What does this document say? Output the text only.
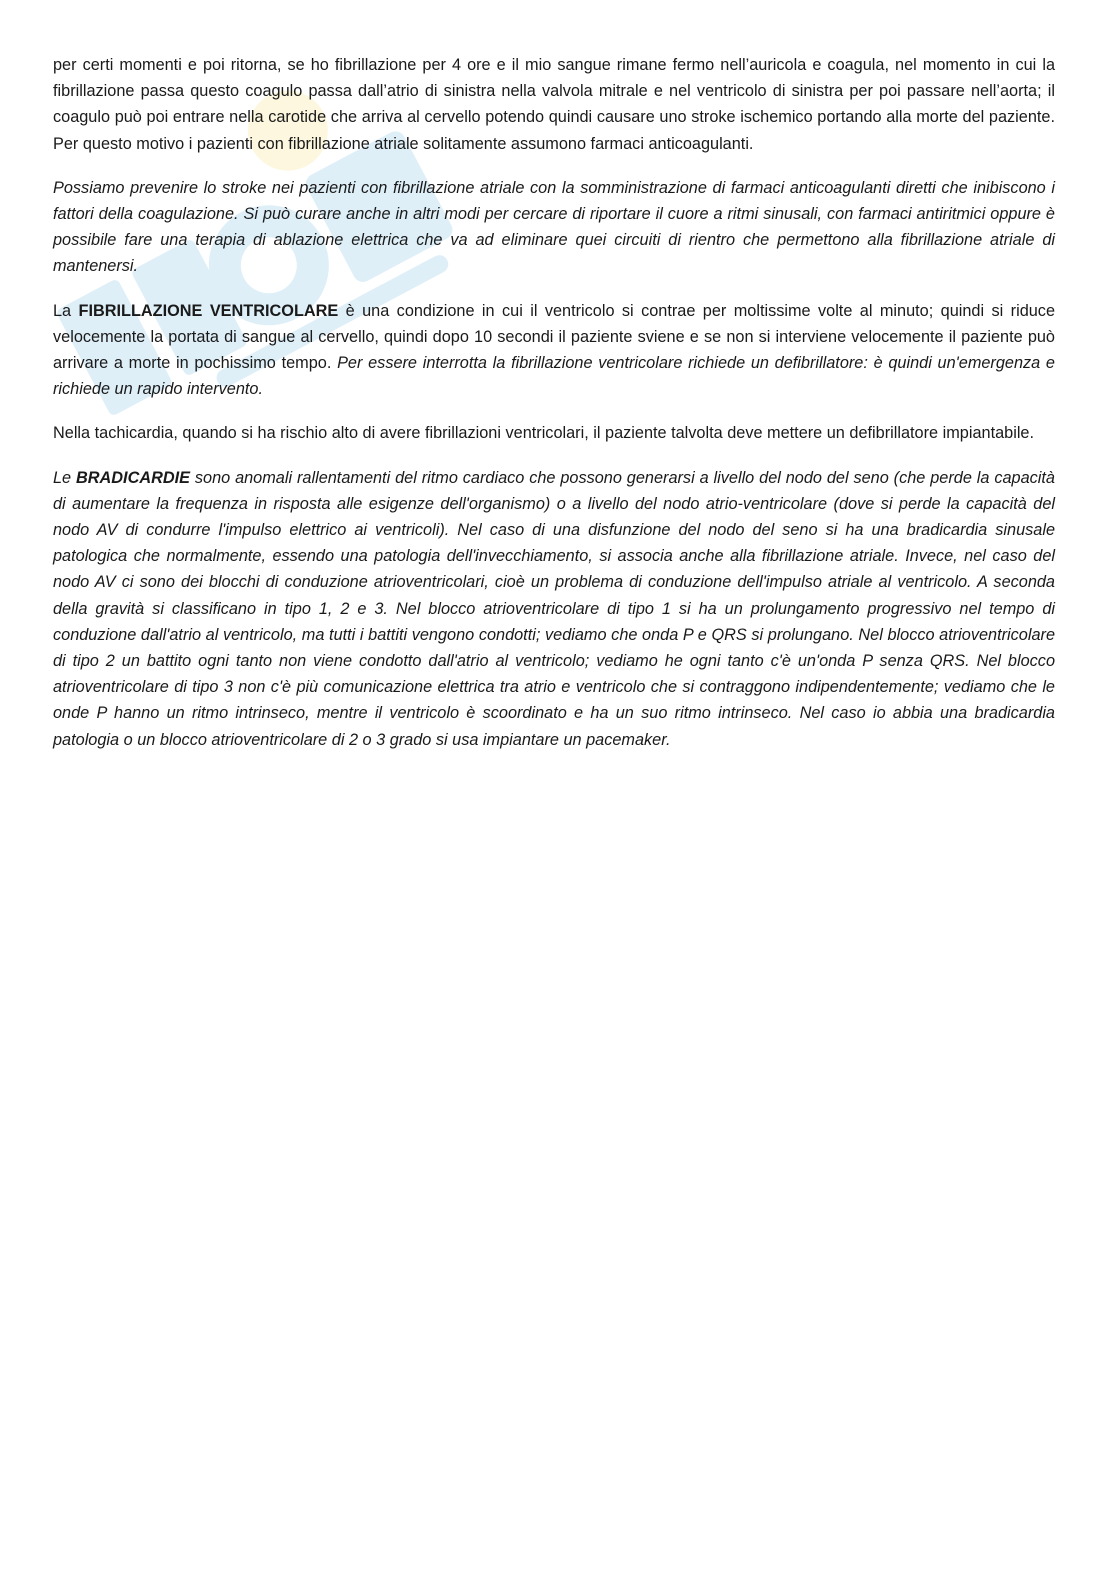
per certi momenti e poi ritorna, se ho fibrillazione per 4 ore e il mio sangue rimane fermo nell’auricola e coagula, nel momento in cui la fibrillazione passa questo coagulo passa dall’atrio di sinistra nella valvola mitrale e nel ventricolo di sinistra per poi passare nell’aorta; il coagulo può poi entrare nella carotide che arriva al cervello potendo quindi causare uno stroke ischemico portando alla morte del paziente. Per questo motivo i pazienti con fibrillazione atriale solitamente assumono farmaci anticoagulanti.

Possiamo prevenire lo stroke nei pazienti con fibrillazione atriale con la somministrazione di farmaci anticoagulanti diretti che inibiscono i fattori della coagulazione. Si può curare anche in altri modi per cercare di riportare il cuore a ritmi sinusali, con farmaci antiritmici oppure è possibile fare una terapia di ablazione elettrica che va ad eliminare quei circuiti di rientro che permettono alla fibrillazione atriale di mantenersi.

La FIBRILLAZIONE VENTRICOLARE è una condizione in cui il ventricolo si contrae per moltissime volte al minuto; quindi si riduce velocemente la portata di sangue al cervello, quindi dopo 10 secondi il paziente sviene e se non si interviene velocemente il paziente può arrivare a morte in pochissimo tempo. Per essere interrotta la fibrillazione ventricolare richiede un defibrillatore: è quindi un'emergenza e richiede un rapido intervento.

Nella tachicardia, quando si ha rischio alto di avere fibrillazioni ventricolari, il paziente talvolta deve mettere un defibrillatore impiantabile.

Le BRADICARDIE sono anomali rallentamenti del ritmo cardiaco che possono generarsi a livello del nodo del seno (che perde la capacità di aumentare la frequenza in risposta alle esigenze dell'organismo) o a livello del nodo atrio-ventricolare (dove si perde la capacità del nodo AV di condurre l'impulso elettrico ai ventricoli). Nel caso di una disfunzione del nodo del seno si ha una bradicardia sinusale patologica che normalmente, essendo una patologia dell'invecchiamento, si associa anche alla fibrillazione atriale. Invece, nel caso del nodo AV ci sono dei blocchi di conduzione atrioventricolari, cioè un problema di conduzione dell'impulso atriale al ventricolo. A seconda della gravità si classificano in tipo 1, 2 e 3. Nel blocco atrioventricolare di tipo 1 si ha un prolungamento progressivo nel tempo di conduzione dall'atrio al ventricolo, ma tutti i battiti vengono condotti; vediamo che onda P e QRS si prolungano. Nel blocco atrioventricolare di tipo 2 un battito ogni tanto non viene condotto dall'atrio al ventricolo; vediamo he ogni tanto c'è un'onda P senza QRS. Nel blocco atrioventricolare di tipo 3 non c'è più comunicazione elettrica tra atrio e ventricolo che si contraggono indipendentemente; vediamo che le onde P hanno un ritmo intrinseco, mentre il ventricolo è scoordinato e ha un suo ritmo intrinseco. Nel caso io abbia una bradicardia patologia o un blocco atrioventricolare di 2 o 3 grado si usa impiantare un pacemaker.
